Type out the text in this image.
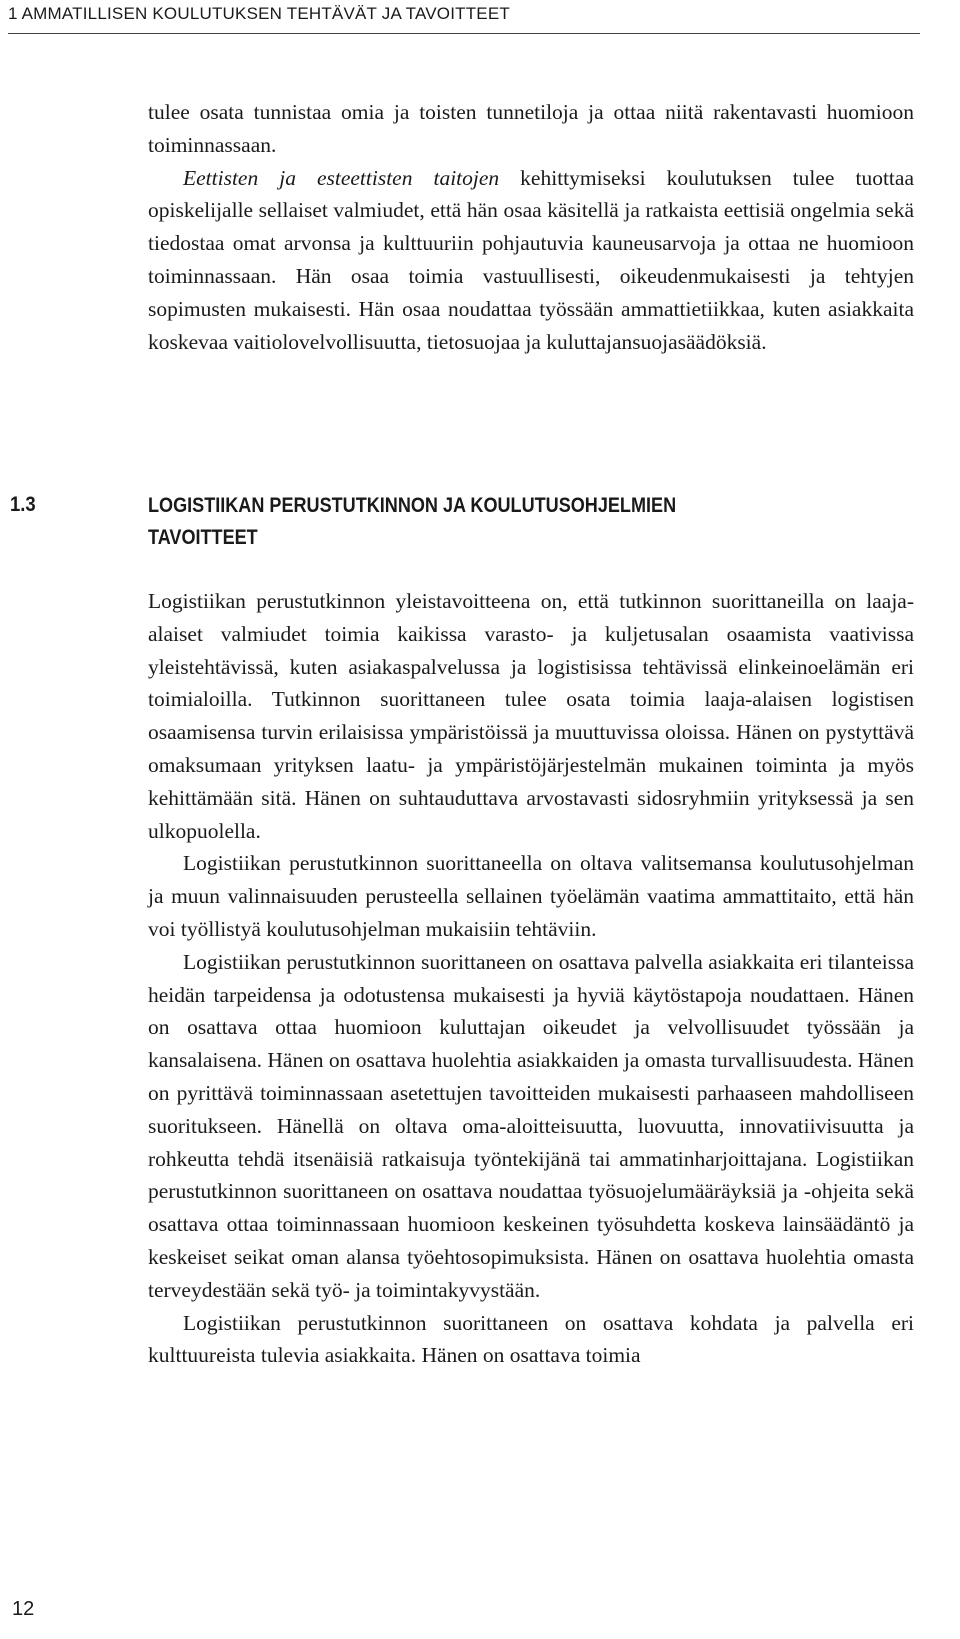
1 AMMATILLISEN KOULUTUKSEN TEHTÄVÄT JA TAVOITTEET

tulee osata tunnistaa omia ja toisten tunnetiloja ja ottaa niitä rakentavasti huomioon toiminnassaan.

Eettisten ja esteettisten taitojen kehittymiseksi koulutuksen tulee tuottaa opiskelijalle sellaiset valmiudet, että hän osaa käsitellä ja ratkaista eettisiä ongelmia sekä tiedostaa omat arvonsa ja kulttuuriin pohjautuvia kauneusarvoja ja ottaa ne huomioon toiminnassaan. Hän osaa toimia vastuullisesti, oikeudenmukaisesti ja tehtyjen sopimusten mukaisesti. Hän osaa noudattaa työssään ammattietiikkaa, kuten asiakkaita koskevaa vaitiolovelvollisuutta, tietosuojaa ja kuluttajansuojasäädöksiä.

1.3	LOGISTIIKAN PERUSTUTKINNON JA KOULUTUSOHJELMIEN
TAVOITTEET

Logistiikan perustutkinnon yleistavoitteena on, että tutkinnon suorittaneilla on laaja-alaiset valmiudet toimia kaikissa varasto- ja kuljetusalan osaamista vaativissa yleistehtävissä, kuten asiakaspalvelussa ja logistisissa tehtävissä elinkeinoelämän eri toimialoilla. Tutkinnon suorittaneen tulee osata toimia laaja-alaisen logistisen osaamisensa turvin erilaisissa ympäristöissä ja muuttuvissa oloissa. Hänen on pystyttävä omaksumaan yrityksen laatu- ja ympäristöjärjestelmän mukainen toiminta ja myös kehittämään sitä. Hänen on suhtauduttava arvostavasti sidosryhmiin yrityksessä ja sen ulkopuolella.

Logistiikan perustutkinnon suorittaneella on oltava valitsemansa koulutusohjelman ja muun valinnaisuuden perusteella sellainen työelämän vaatima ammattitaito, että hän voi työllistyä koulutusohjelman mukaisiin tehtäviin.

Logistiikan perustutkinnon suorittaneen on osattava palvella asiakkaita eri tilanteissa heidän tarpeidensa ja odotustensa mukaisesti ja hyviä käytöstapoja noudattaen. Hänen on osattava ottaa huomioon kuluttajan oikeudet ja velvollisuudet työssään ja kansalaisena. Hänen on osattava huolehtia asiakkaiden ja omasta turvallisuudesta. Hänen on pyrittävä toiminnassaan asetettujen tavoitteiden mukaisesti parhaaseen mahdolliseen suoritukseen. Hänellä on oltava oma-aloitteisuutta, luovuutta, innovatiivisuutta ja rohkeutta tehdä itsenäisiä ratkaisuja työntekijänä tai ammatinharjoittajana. Logistiikan perustutkinnon suorittaneen on osattava noudattaa työsuojelumääräyksiä ja -ohjeita sekä osattava ottaa toiminnassaan huomioon keskeinen työsuhdetta koskeva lainsäädäntö ja keskeiset seikat oman alansa työehtosopimuksista. Hänen on osattava huolehtia omasta terveydestään sekä työ- ja toimintakyvystään.

Logistiikan perustutkinnon suorittaneen on osattava kohdata ja palvella eri kulttuureista tulevia asiakkaita. Hänen on osattava toimia

12
